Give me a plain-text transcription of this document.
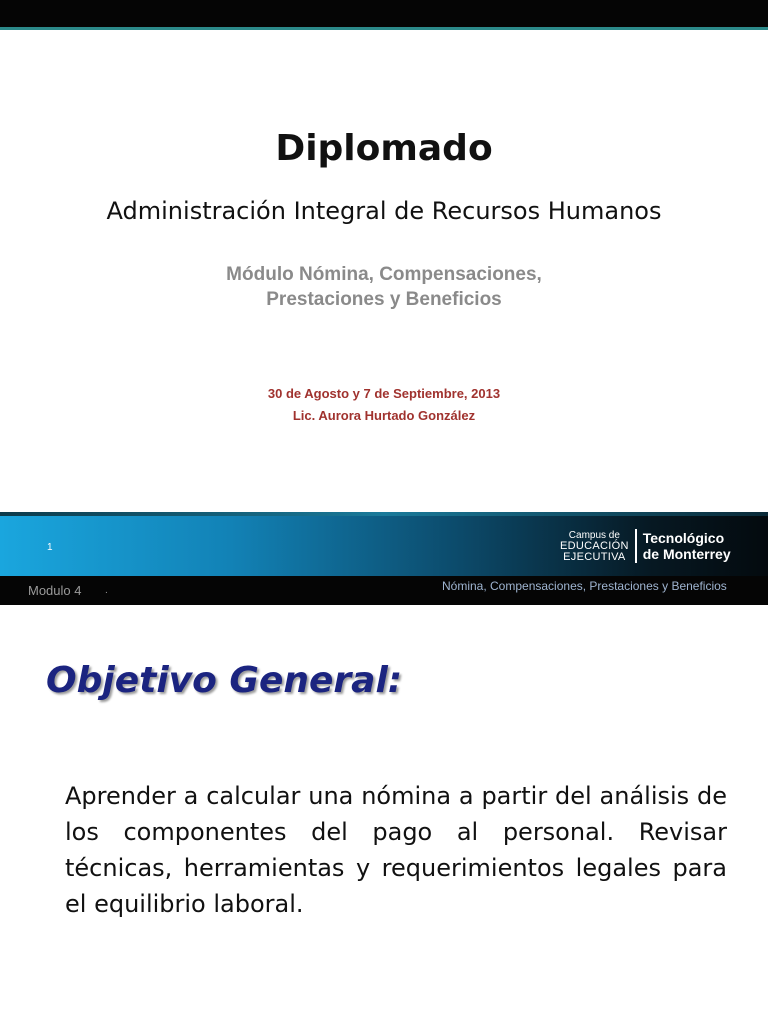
Diplomado
Administración Integral de Recursos Humanos
Módulo Nómina, Compensaciones,
Prestaciones y Beneficios
30 de Agosto y 7 de Septiembre, 2013
Lic. Aurora Hurtado González
1
Campus de
EDUCACIÓN
EJECUTIVA
Tecnológico
de Monterrey
Modulo 4 .	Nómina, Compensaciones, Prestaciones y Beneficios
Objetivo General:
Aprender a calcular una nómina a partir del análisis de los componentes del pago al personal. Revisar técnicas, herramientas y requerimientos legales para el equilibrio laboral.
